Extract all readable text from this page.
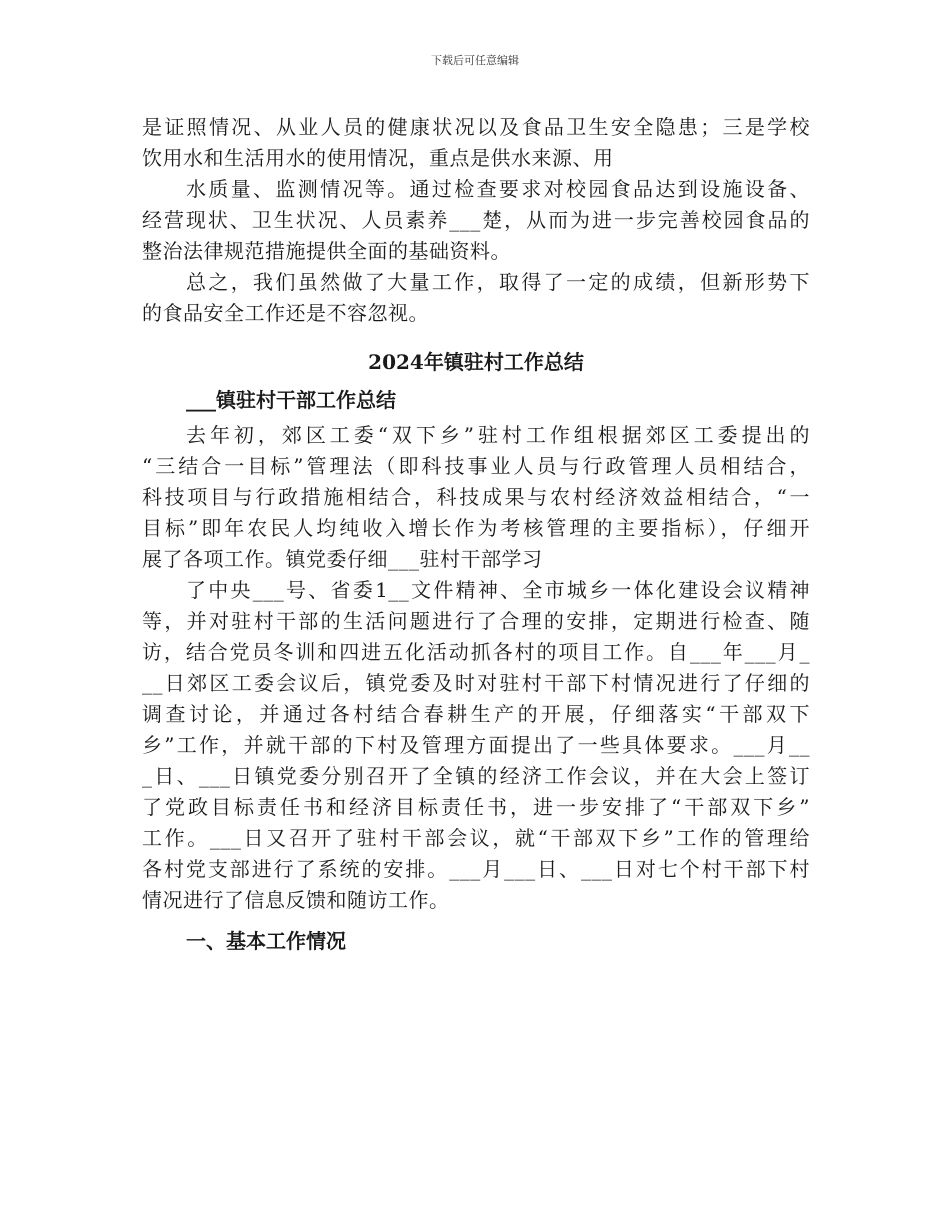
下载后可任意编辑
是证照情况、从业人员的健康状况以及食品卫生安全隐患；三是学校
饮用水和生活用水的使用情况，重点是供水来源、用
水质量、监测情况等。通过检查要求对校园食品达到设施设备、
经营现状、卫生状况、人员素养___楚，从而为进一步完善校园食品的
整治法律规范措施提供全面的基础资料。
总之，我们虽然做了大量工作，取得了一定的成绩，但新形势下
的食品安全工作还是不容忽视。
2024年镇驻村工作总结
___镇驻村干部工作总结
去年初，郊区工委“双下乡”驻村工作组根据郊区工委提出的
“三结合一目标”管理法（即科技事业人员与行政管理人员相结合，
科技项目与行政措施相结合，科技成果与农村经济效益相结合，“一
目标”即年农民人均纯收入增长作为考核管理的主要指标），仔细开
展了各项工作。镇党委仔细___驻村干部学习
了中央___号、省委1__文件精神、全市城乡一体化建设会议精神
等，并对驻村干部的生活问题进行了合理的安排，定期进行检查、随
访，结合党员冬训和四进五化活动抓各村的项目工作。自___年___月_
__日郊区工委会议后，镇党委及时对驻村干部下村情况进行了仔细的
调查讨论，并通过各村结合春耕生产的开展，仔细落实“干部双下
乡”工作，并就干部的下村及管理方面提出了一些具体要求。___月__
_日、___日镇党委分别召开了全镇的经济工作会议，并在大会上签订
了党政目标责任书和经济目标责任书，进一步安排了“干部双下乡”
工作。___日又召开了驻村干部会议，就“干部双下乡”工作的管理给
各村党支部进行了系统的安排。___月___日、___日对七个村干部下村
情况进行了信息反馈和随访工作。
一、基本工作情况
